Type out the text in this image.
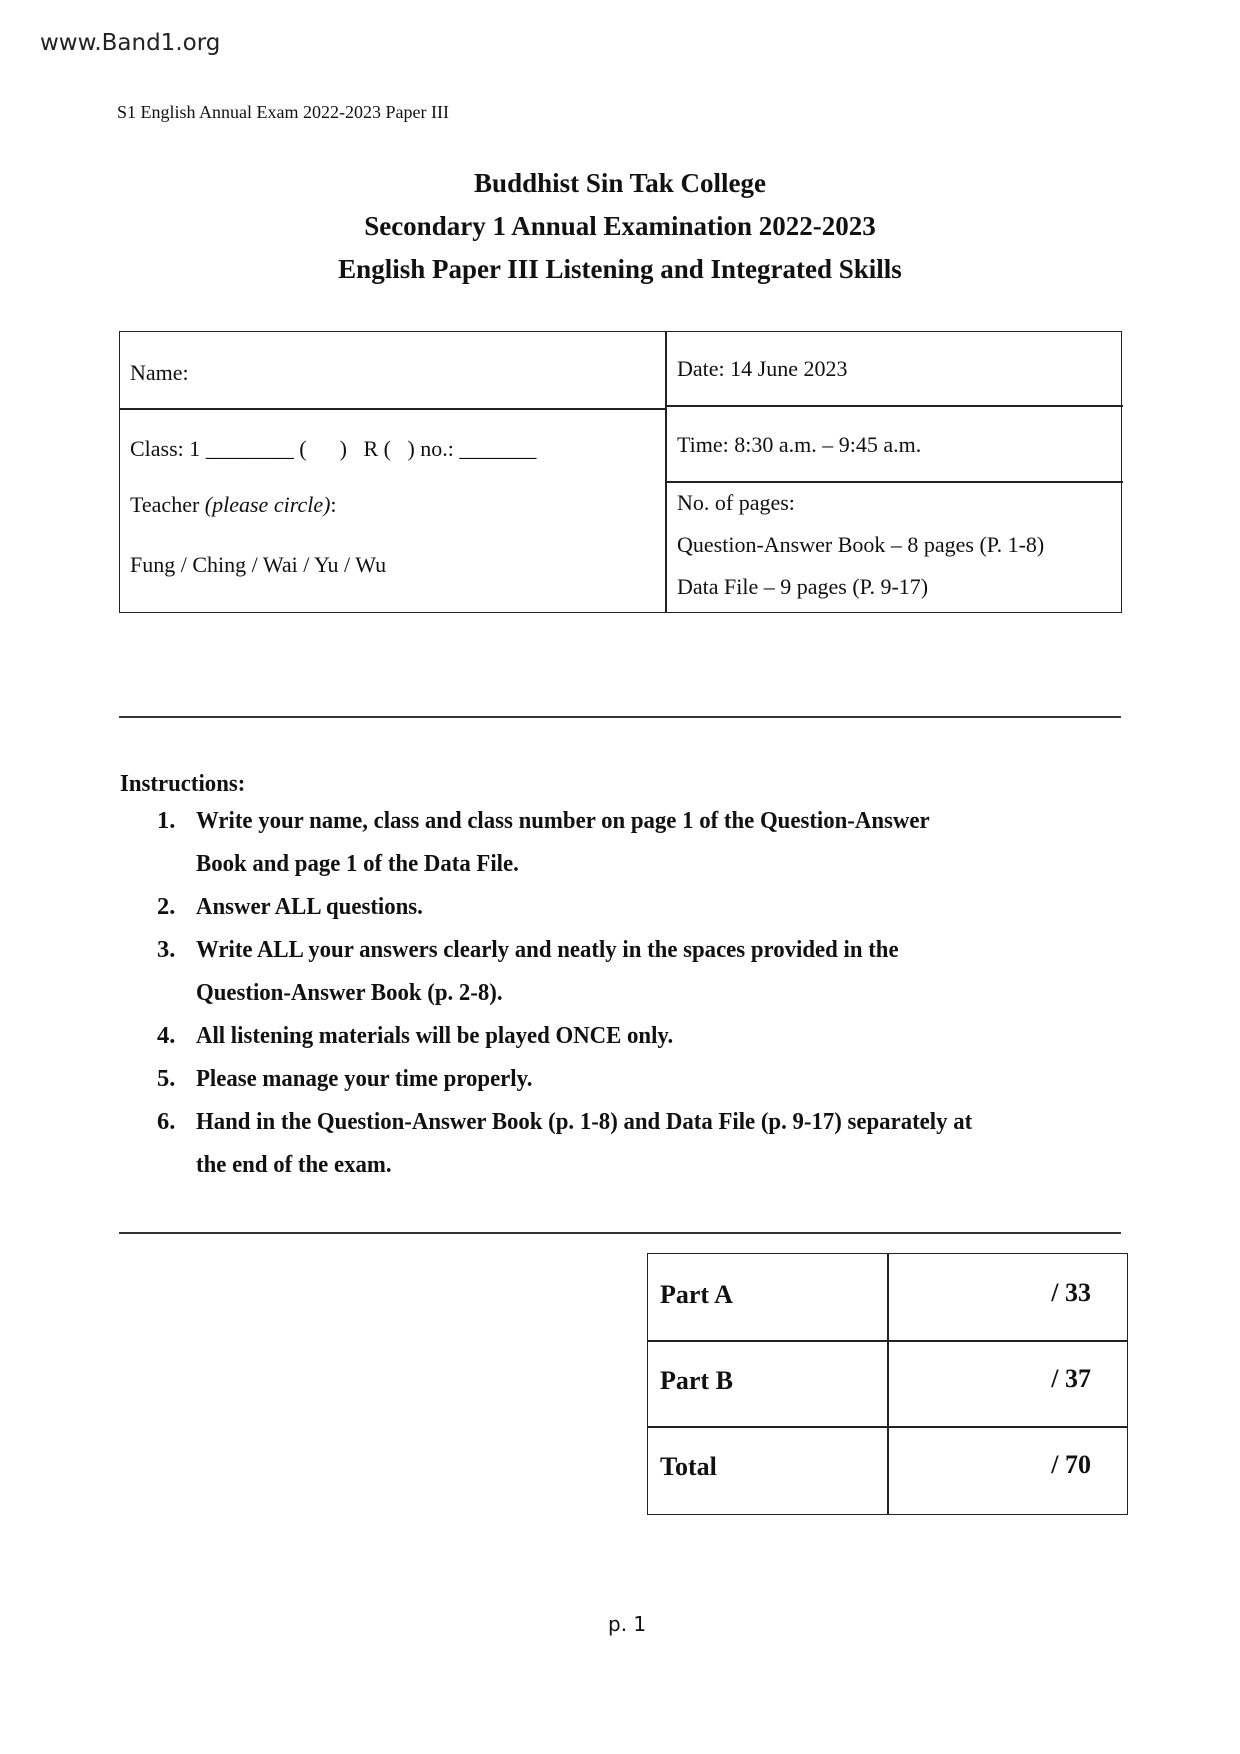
www.Band1.org
S1 English Annual Exam 2022-2023 Paper III
Buddhist Sin Tak College
Secondary 1 Annual Examination 2022-2023
English Paper III Listening and Integrated Skills
Name:
Class: 1 ________ (      )   R (   ) no.: _______
Teacher (please circle):
Fung / Ching / Wai / Yu / Wu
Date: 14 June 2023
Time: 8:30 a.m. – 9:45 a.m.
No. of pages:
Question-Answer Book – 8 pages (P. 1-8)
Data File – 9 pages (P. 9-17)
Instructions:
1. Write your name, class and class number on page 1 of the Question-Answer
Book and page 1 of the Data File.
2. Answer ALL questions.
3. Write ALL your answers clearly and neatly in the spaces provided in the
Question-Answer Book (p. 2-8).
4. All listening materials will be played ONCE only.
5. Please manage your time properly.
6. Hand in the Question-Answer Book (p. 1-8) and Data File (p. 9-17) separately at
the end of the exam.
Part A	/ 33
Part B	/ 37
Total	/ 70
p. 1
